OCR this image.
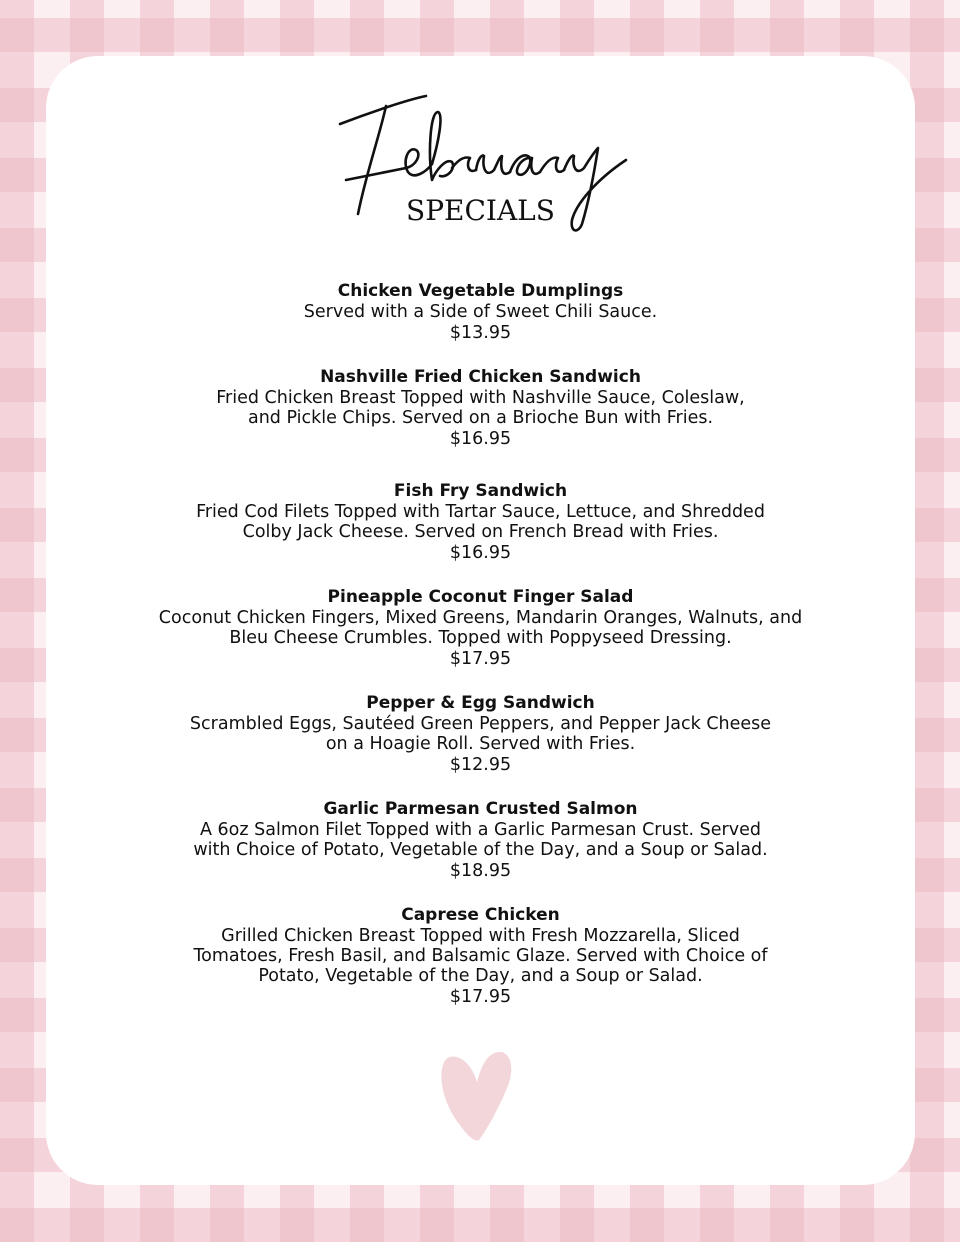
SPECIALS
Chicken Vegetable Dumplings
Served with a Side of Sweet Chili Sauce.
$13.95
Nashville Fried Chicken Sandwich
Fried Chicken Breast Topped with Nashville Sauce, Coleslaw,
and Pickle Chips. Served on a Brioche Bun with Fries.
$16.95
Fish Fry Sandwich
Fried Cod Filets Topped with Tartar Sauce, Lettuce, and Shredded
Colby Jack Cheese. Served on French Bread with Fries.
$16.95
Pineapple Coconut Finger Salad
Coconut Chicken Fingers, Mixed Greens, Mandarin Oranges, Walnuts, and
Bleu Cheese Crumbles. Topped with Poppyseed Dressing.
$17.95
Pepper & Egg Sandwich
Scrambled Eggs, Sautéed Green Peppers, and Pepper Jack Cheese
on a Hoagie Roll. Served with Fries.
$12.95
Garlic Parmesan Crusted Salmon
A 6oz Salmon Filet Topped with a Garlic Parmesan Crust. Served
with Choice of Potato, Vegetable of the Day, and a Soup or Salad.
$18.95
Caprese Chicken
Grilled Chicken Breast Topped with Fresh Mozzarella, Sliced
Tomatoes, Fresh Basil, and Balsamic Glaze. Served with Choice of
Potato, Vegetable of the Day, and a Soup or Salad.
$17.95
